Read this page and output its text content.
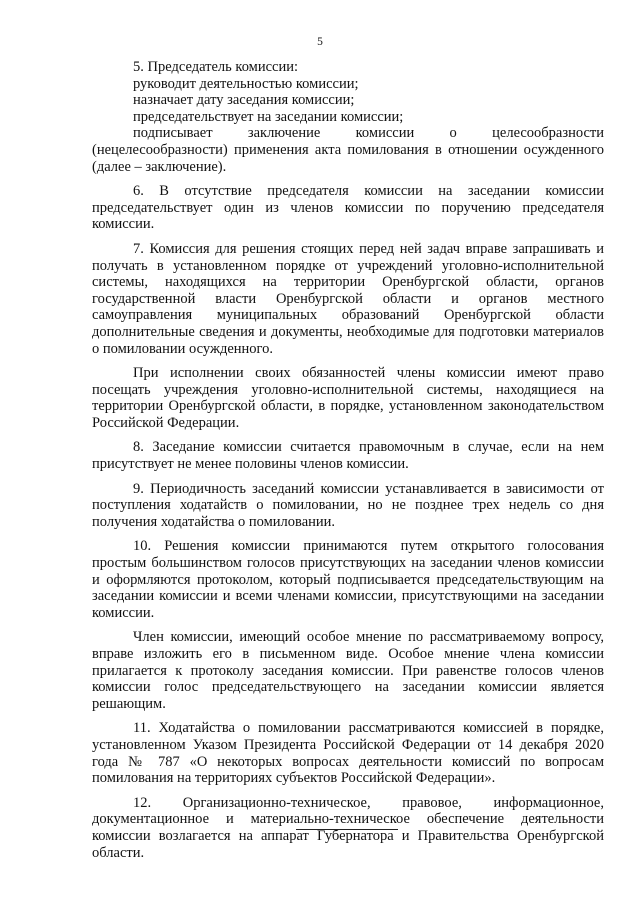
5

5. Председатель комиссии:

руководит деятельностью комиссии;

назначает дату заседания комиссии;

председательствует на заседании комиссии;

подписывает заключение комиссии о целесообразности (нецелесообразности) применения акта помилования в отношении осужденного (далее – заключение).

6. В отсутствие председателя комиссии на заседании комиссии председательствует один из членов комиссии по поручению председателя комиссии.

7. Комиссия для решения стоящих перед ней задач вправе запрашивать и получать в установленном порядке от учреждений уголовно-исполнительной системы, находящихся на территории Оренбургской области, органов государственной власти Оренбургской области и органов местного самоуправления муниципальных образований Оренбургской области дополнительные сведения и документы, необходимые для подготовки материалов о помиловании осужденного.

При исполнении своих обязанностей члены комиссии имеют право посещать учреждения уголовно-исполнительной системы, находящиеся на территории Оренбургской области, в порядке, установленном законодательством Российской Федерации.

8. Заседание комиссии считается правомочным в случае, если на нем присутствует не менее половины членов комиссии.

9. Периодичность заседаний комиссии устанавливается в зависимости от поступления ходатайств о помиловании, но не позднее трех недель со дня получения ходатайства о помиловании.

10. Решения комиссии принимаются путем открытого голосования простым большинством голосов присутствующих на заседании членов комиссии и оформляются протоколом, который подписывается председательствующим на заседании комиссии и всеми членами комиссии, присутствующими на заседании комиссии.

Член комиссии, имеющий особое мнение по рассматриваемому вопросу, вправе изложить его в письменном виде. Особое мнение члена комиссии прилагается к протоколу заседания комиссии. При равенстве голосов членов комиссии голос председательствующего на заседании комиссии является решающим.

11. Ходатайства о помиловании рассматриваются комиссией в порядке, установленном Указом Президента Российской Федерации от 14 декабря 2020 года № 787 «О некоторых вопросах деятельности комиссий по вопросам помилования на территориях субъектов Российской Федерации».

12. Организационно-техническое, правовое, информационное, документационное и материально-техническое обеспечение деятельности комиссии возлагается на аппарат Губернатора и Правительства Оренбургской области.
